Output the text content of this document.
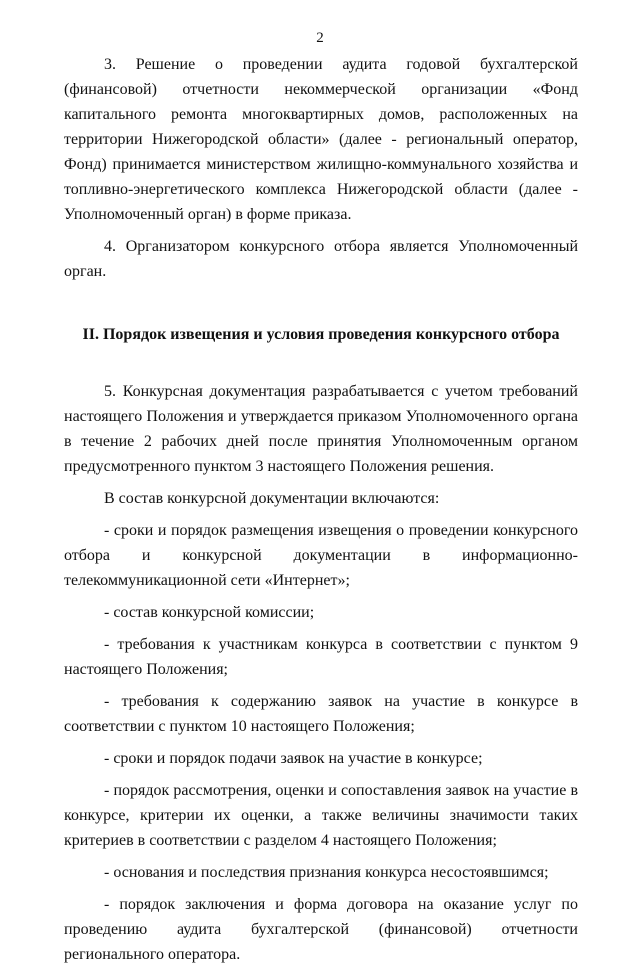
2

3. Решение о проведении аудита годовой бухгалтерской (финансовой) отчетности некоммерческой организации «Фонд капитального ремонта многоквартирных домов, расположенных на территории Нижегородской области» (далее - региональный оператор, Фонд) принимается министерством жилищно-коммунального хозяйства и топливно-энергетического комплекса Нижегородской области (далее - Уполномоченный орган) в форме приказа.

4. Организатором конкурсного отбора является Уполномоченный орган.

II. Порядок извещения и условия проведения конкурсного отбора

5. Конкурсная документация разрабатывается с учетом требований настоящего Положения и утверждается приказом Уполномоченного органа в течение 2 рабочих дней после принятия Уполномоченным органом предусмотренного пунктом 3 настоящего Положения решения.

В состав конкурсной документации включаются:

- сроки и порядок размещения извещения о проведении конкурсного отбора и конкурсной документации в информационно-телекоммуникационной сети «Интернет»;

- состав конкурсной комиссии;

- требования к участникам конкурса в соответствии с пунктом 9 настоящего Положения;

- требования к содержанию заявок на участие в конкурсе в соответствии с пунктом 10 настоящего Положения;

- сроки и порядок подачи заявок на участие в конкурсе;

- порядок рассмотрения, оценки и сопоставления заявок на участие в конкурсе, критерии их оценки, а также величины значимости таких критериев в соответствии с разделом 4 настоящего Положения;

- основания и последствия признания конкурса несостоявшимся;

- порядок заключения и форма договора на оказание услуг по проведению аудита бухгалтерской (финансовой) отчетности регионального оператора.
